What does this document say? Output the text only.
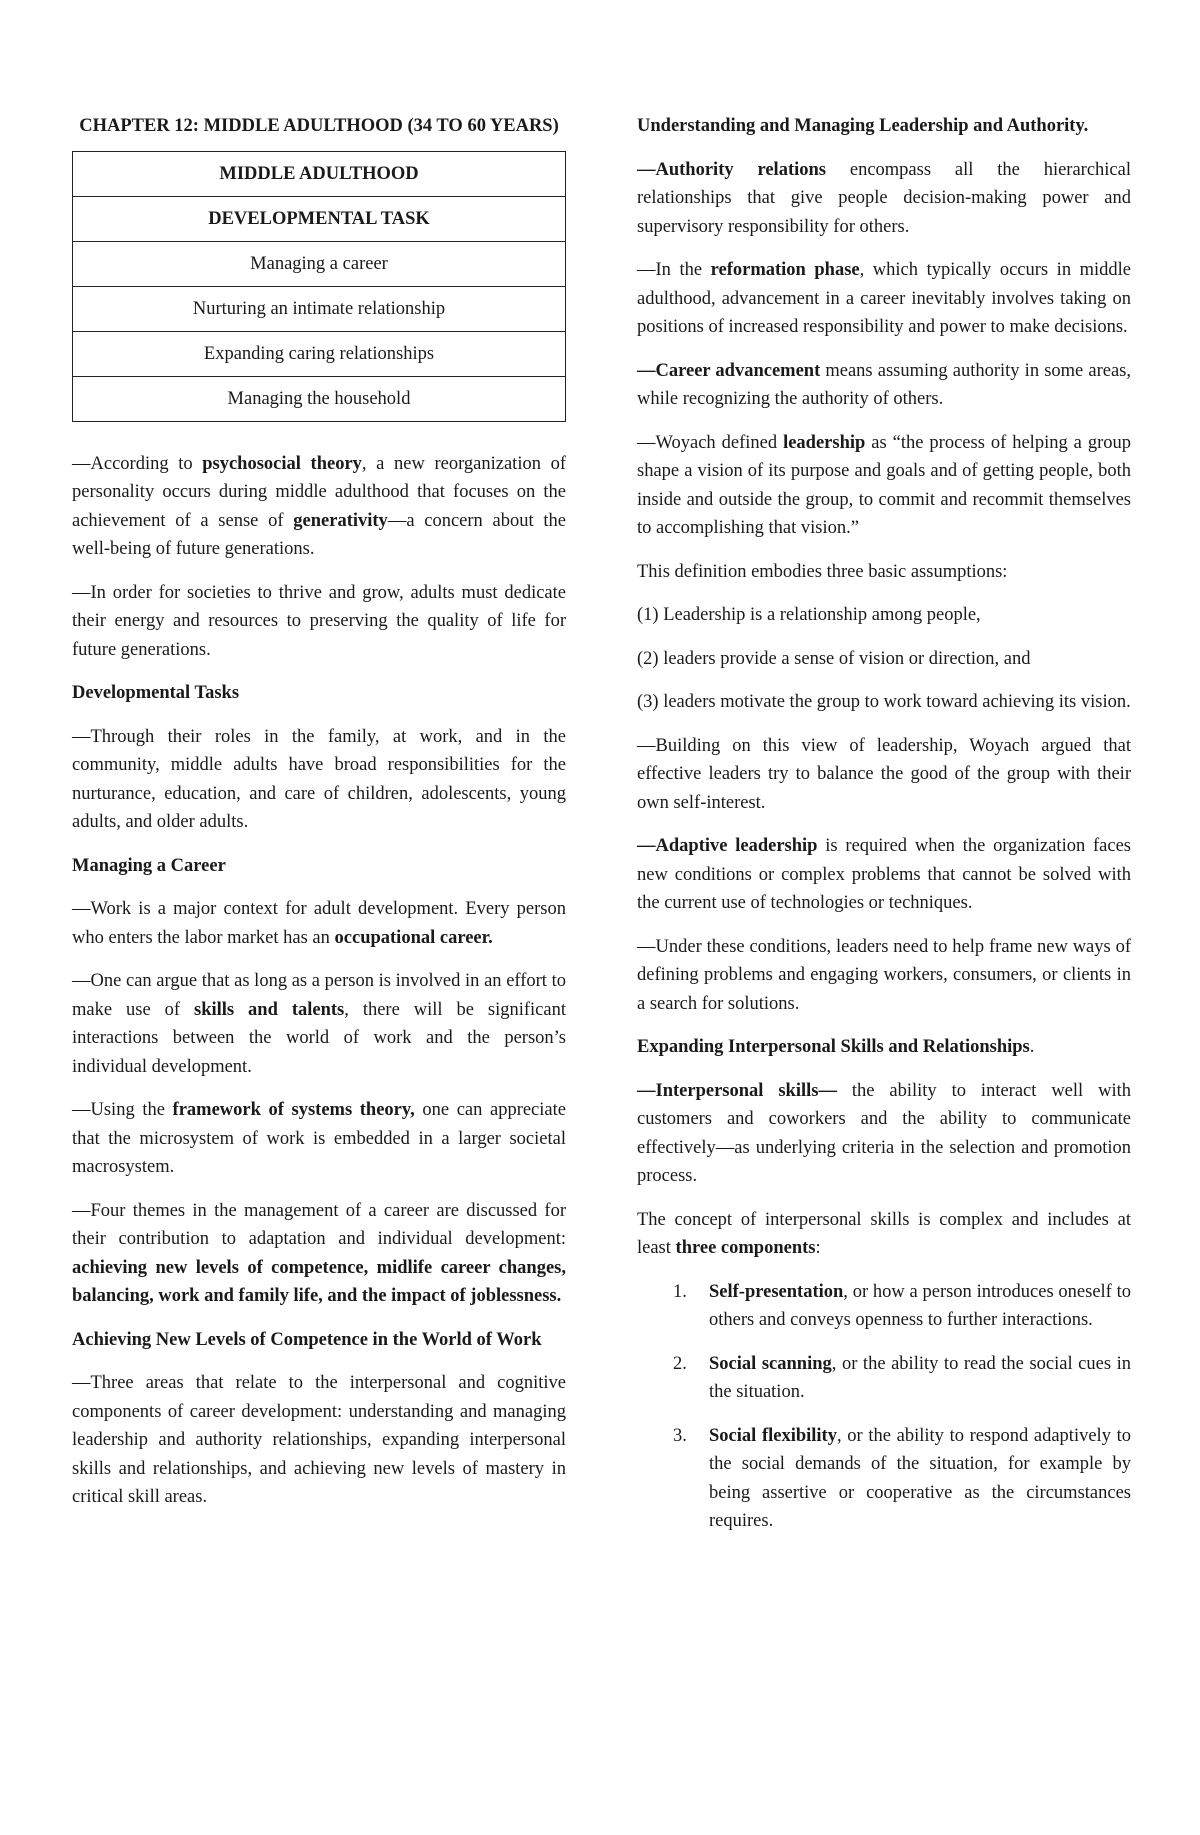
CHAPTER 12: MIDDLE ADULTHOOD (34 TO 60 YEARS)

MIDDLE ADULTHOOD
DEVELOPMENTAL TASK
Managing a career
Nurturing an intimate relationship
Expanding caring relationships
Managing the household

—According to psychosocial theory, a new reorganization of personality occurs during middle adulthood that focuses on the achievement of a sense of generativity—a concern about the well-being of future generations.

—In order for societies to thrive and grow, adults must dedicate their energy and resources to preserving the quality of life for future generations.

Developmental Tasks

—Through their roles in the family, at work, and in the community, middle adults have broad responsibilities for the nurturance, education, and care of children, adolescents, young adults, and older adults.

Managing a Career

—Work is a major context for adult development. Every person who enters the labor market has an occupational career.

—One can argue that as long as a person is involved in an effort to make use of skills and talents, there will be significant interactions between the world of work and the person’s individual development.

—Using the framework of systems theory, one can appreciate that the microsystem of work is embedded in a larger societal macrosystem.

—Four themes in the management of a career are discussed for their contribution to adaptation and individual development: achieving new levels of competence, midlife career changes, balancing, work and family life, and the impact of joblessness.

Achieving New Levels of Competence in the World of Work

—Three areas that relate to the interpersonal and cognitive components of career development: understanding and managing leadership and authority relationships, expanding interpersonal skills and relationships, and achieving new levels of mastery in critical skill areas.

Understanding and Managing Leadership and Authority.

—Authority relations encompass all the hierarchical relationships that give people decision-making power and supervisory responsibility for others.

—In the reformation phase, which typically occurs in middle adulthood, advancement in a career inevitably involves taking on positions of increased responsibility and power to make decisions.

—Career advancement means assuming authority in some areas, while recognizing the authority of others.

—Woyach defined leadership as “the process of helping a group shape a vision of its purpose and goals and of getting people, both inside and outside the group, to commit and recommit themselves to accomplishing that vision.”

This definition embodies three basic assumptions:

(1) Leadership is a relationship among people,

(2) leaders provide a sense of vision or direction, and

(3) leaders motivate the group to work toward achieving its vision.

—Building on this view of leadership, Woyach argued that effective leaders try to balance the good of the group with their own self-interest.

—Adaptive leadership is required when the organization faces new conditions or complex problems that cannot be solved with the current use of technologies or techniques.

—Under these conditions, leaders need to help frame new ways of defining problems and engaging workers, consumers, or clients in a search for solutions.

Expanding Interpersonal Skills and Relationships.

—Interpersonal skills— the ability to interact well with customers and coworkers and the ability to communicate effectively—as underlying criteria in the selection and promotion process.

The concept of interpersonal skills is complex and includes at least three components:

1. Self-presentation, or how a person introduces oneself to others and conveys openness to further interactions.
2. Social scanning, or the ability to read the social cues in the situation.
3. Social flexibility, or the ability to respond adaptively to the social demands of the situation, for example by being assertive or cooperative as the circumstances requires.
